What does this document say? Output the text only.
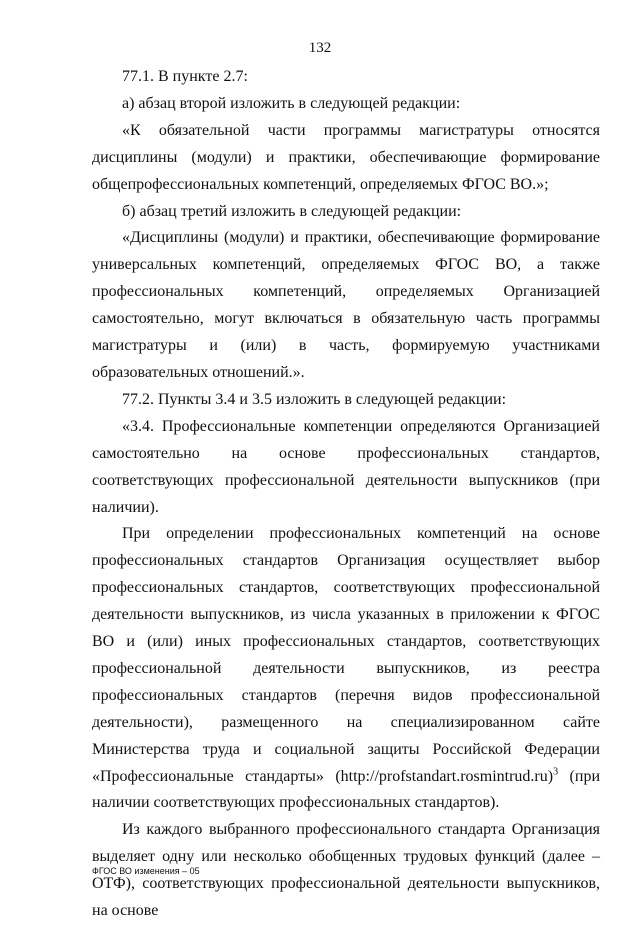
132

77.1. В пункте 2.7:

а) абзац второй изложить в следующей редакции:

«К обязательной части программы магистратуры относятся дисциплины (модули) и практики, обеспечивающие формирование общепрофессиональных компетенций, определяемых ФГОС ВО.»;

б) абзац третий изложить в следующей редакции:

«Дисциплины (модули) и практики, обеспечивающие формирование универсальных компетенций, определяемых ФГОС ВО, а также профессиональных компетенций, определяемых Организацией самостоятельно, могут включаться в обязательную часть программы магистратуры и (или) в часть, формируемую участниками образовательных отношений.».

77.2. Пункты 3.4 и 3.5 изложить в следующей редакции:

«3.4. Профессиональные компетенции определяются Организацией самостоятельно на основе профессиональных стандартов, соответствующих профессиональной деятельности выпускников (при наличии).

При определении профессиональных компетенций на основе профессиональных стандартов Организация осуществляет выбор профессиональных стандартов, соответствующих профессиональной деятельности выпускников, из числа указанных в приложении к ФГОС ВО и (или) иных профессиональных стандартов, соответствующих профессиональной деятельности выпускников, из реестра профессиональных стандартов (перечня видов профессиональной деятельности), размещенного на специализированном сайте Министерства труда и социальной защиты Российской Федерации «Профессиональные стандарты» (http://profstandart.rosmintrud.ru)$^3$ (при наличии соответствующих профессиональных стандартов).

Из каждого выбранного профессионального стандарта Организация выделяет одну или несколько обобщенных трудовых функций (далее – ОТФ), соответствующих профессиональной деятельности выпускников, на основе

ФГОС ВО изменения – 05
